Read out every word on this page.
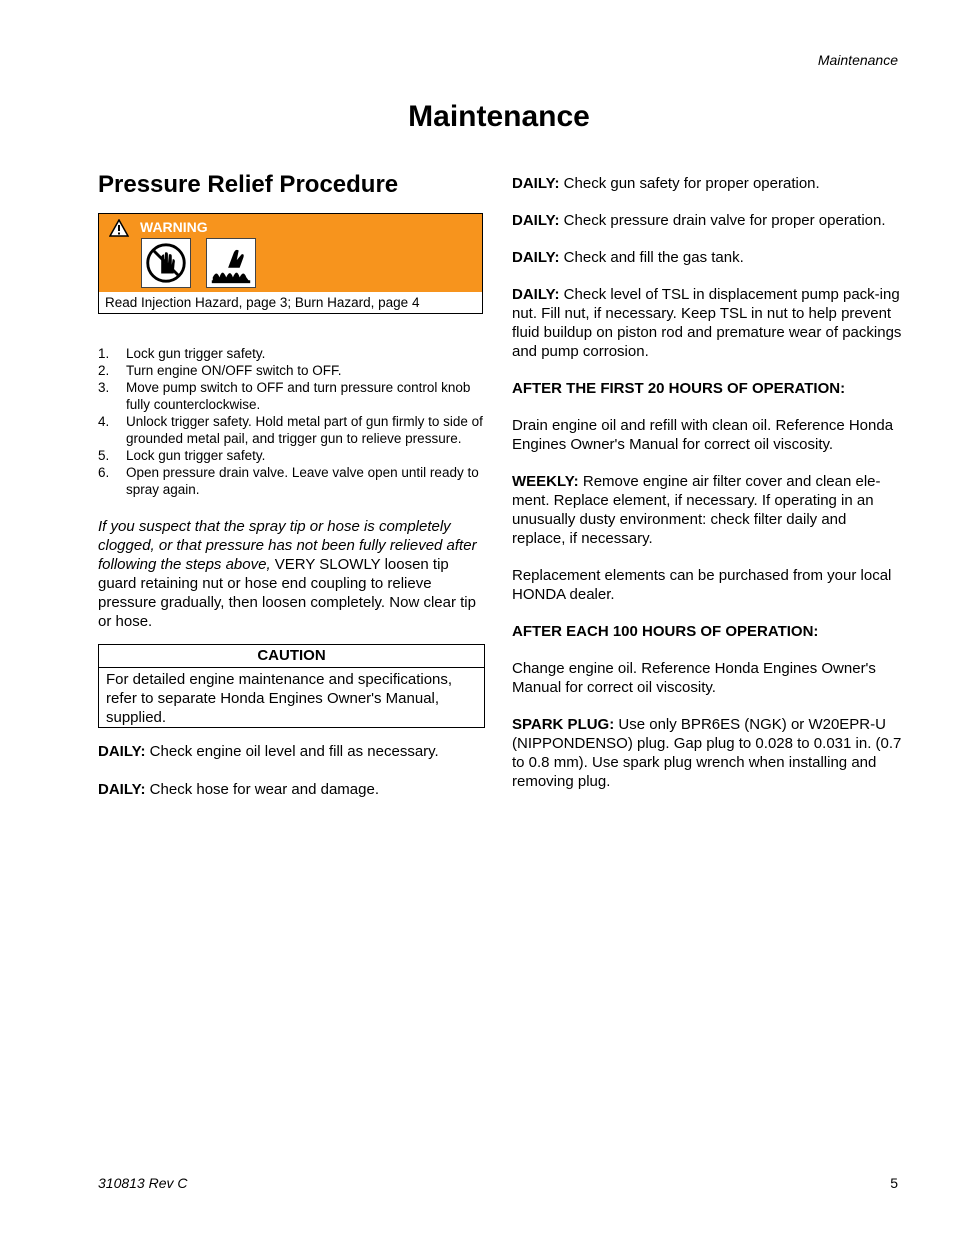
Maintenance
Maintenance
Pressure Relief Procedure
WARNING
Read Injection Hazard, page 3; Burn Hazard, page 4
1. Lock gun trigger safety.
2. Turn engine ON/OFF switch to OFF.
3. Move pump switch to OFF and turn pressure control knob fully counterclockwise.
4. Unlock trigger safety. Hold metal part of gun firmly to side of grounded metal pail, and trigger gun to relieve pressure.
5. Lock gun trigger safety.
6. Open pressure drain valve. Leave valve open until ready to spray again.
If you suspect that the spray tip or hose is completely clogged, or that pressure has not been fully relieved after following the steps above, VERY SLOWLY loosen tip guard retaining nut or hose end coupling to relieve pressure gradually, then loosen completely. Now clear tip or hose.
CAUTION
For detailed engine maintenance and specifications, refer to separate Honda Engines Owner's Manual, supplied.
DAILY: Check engine oil level and fill as necessary.
DAILY: Check hose for wear and damage.

DAILY: Check gun safety for proper operation.

DAILY: Check pressure drain valve for proper operation.

DAILY: Check and fill the gas tank.

DAILY: Check level of TSL in displacement pump pack-ing nut. Fill nut, if necessary. Keep TSL in nut to help prevent fluid buildup on piston rod and premature wear of packings and pump corrosion.

AFTER THE FIRST 20 HOURS OF OPERATION:

Drain engine oil and refill with clean oil. Reference Honda Engines Owner's Manual for correct oil viscosity.

WEEKLY: Remove engine air filter cover and clean ele-ment. Replace element, if necessary. If operating in an unusually dusty environment: check filter daily and replace, if necessary.

Replacement elements can be purchased from your local HONDA dealer.

AFTER EACH 100 HOURS OF OPERATION:

Change engine oil. Reference Honda Engines Owner's Manual for correct oil viscosity.

SPARK PLUG: Use only BPR6ES (NGK) or W20EPR-U (NIPPONDENSO) plug. Gap plug to 0.028 to 0.031 in. (0.7 to 0.8 mm). Use spark plug wrench when installing and removing plug.

310813 Rev C	5
